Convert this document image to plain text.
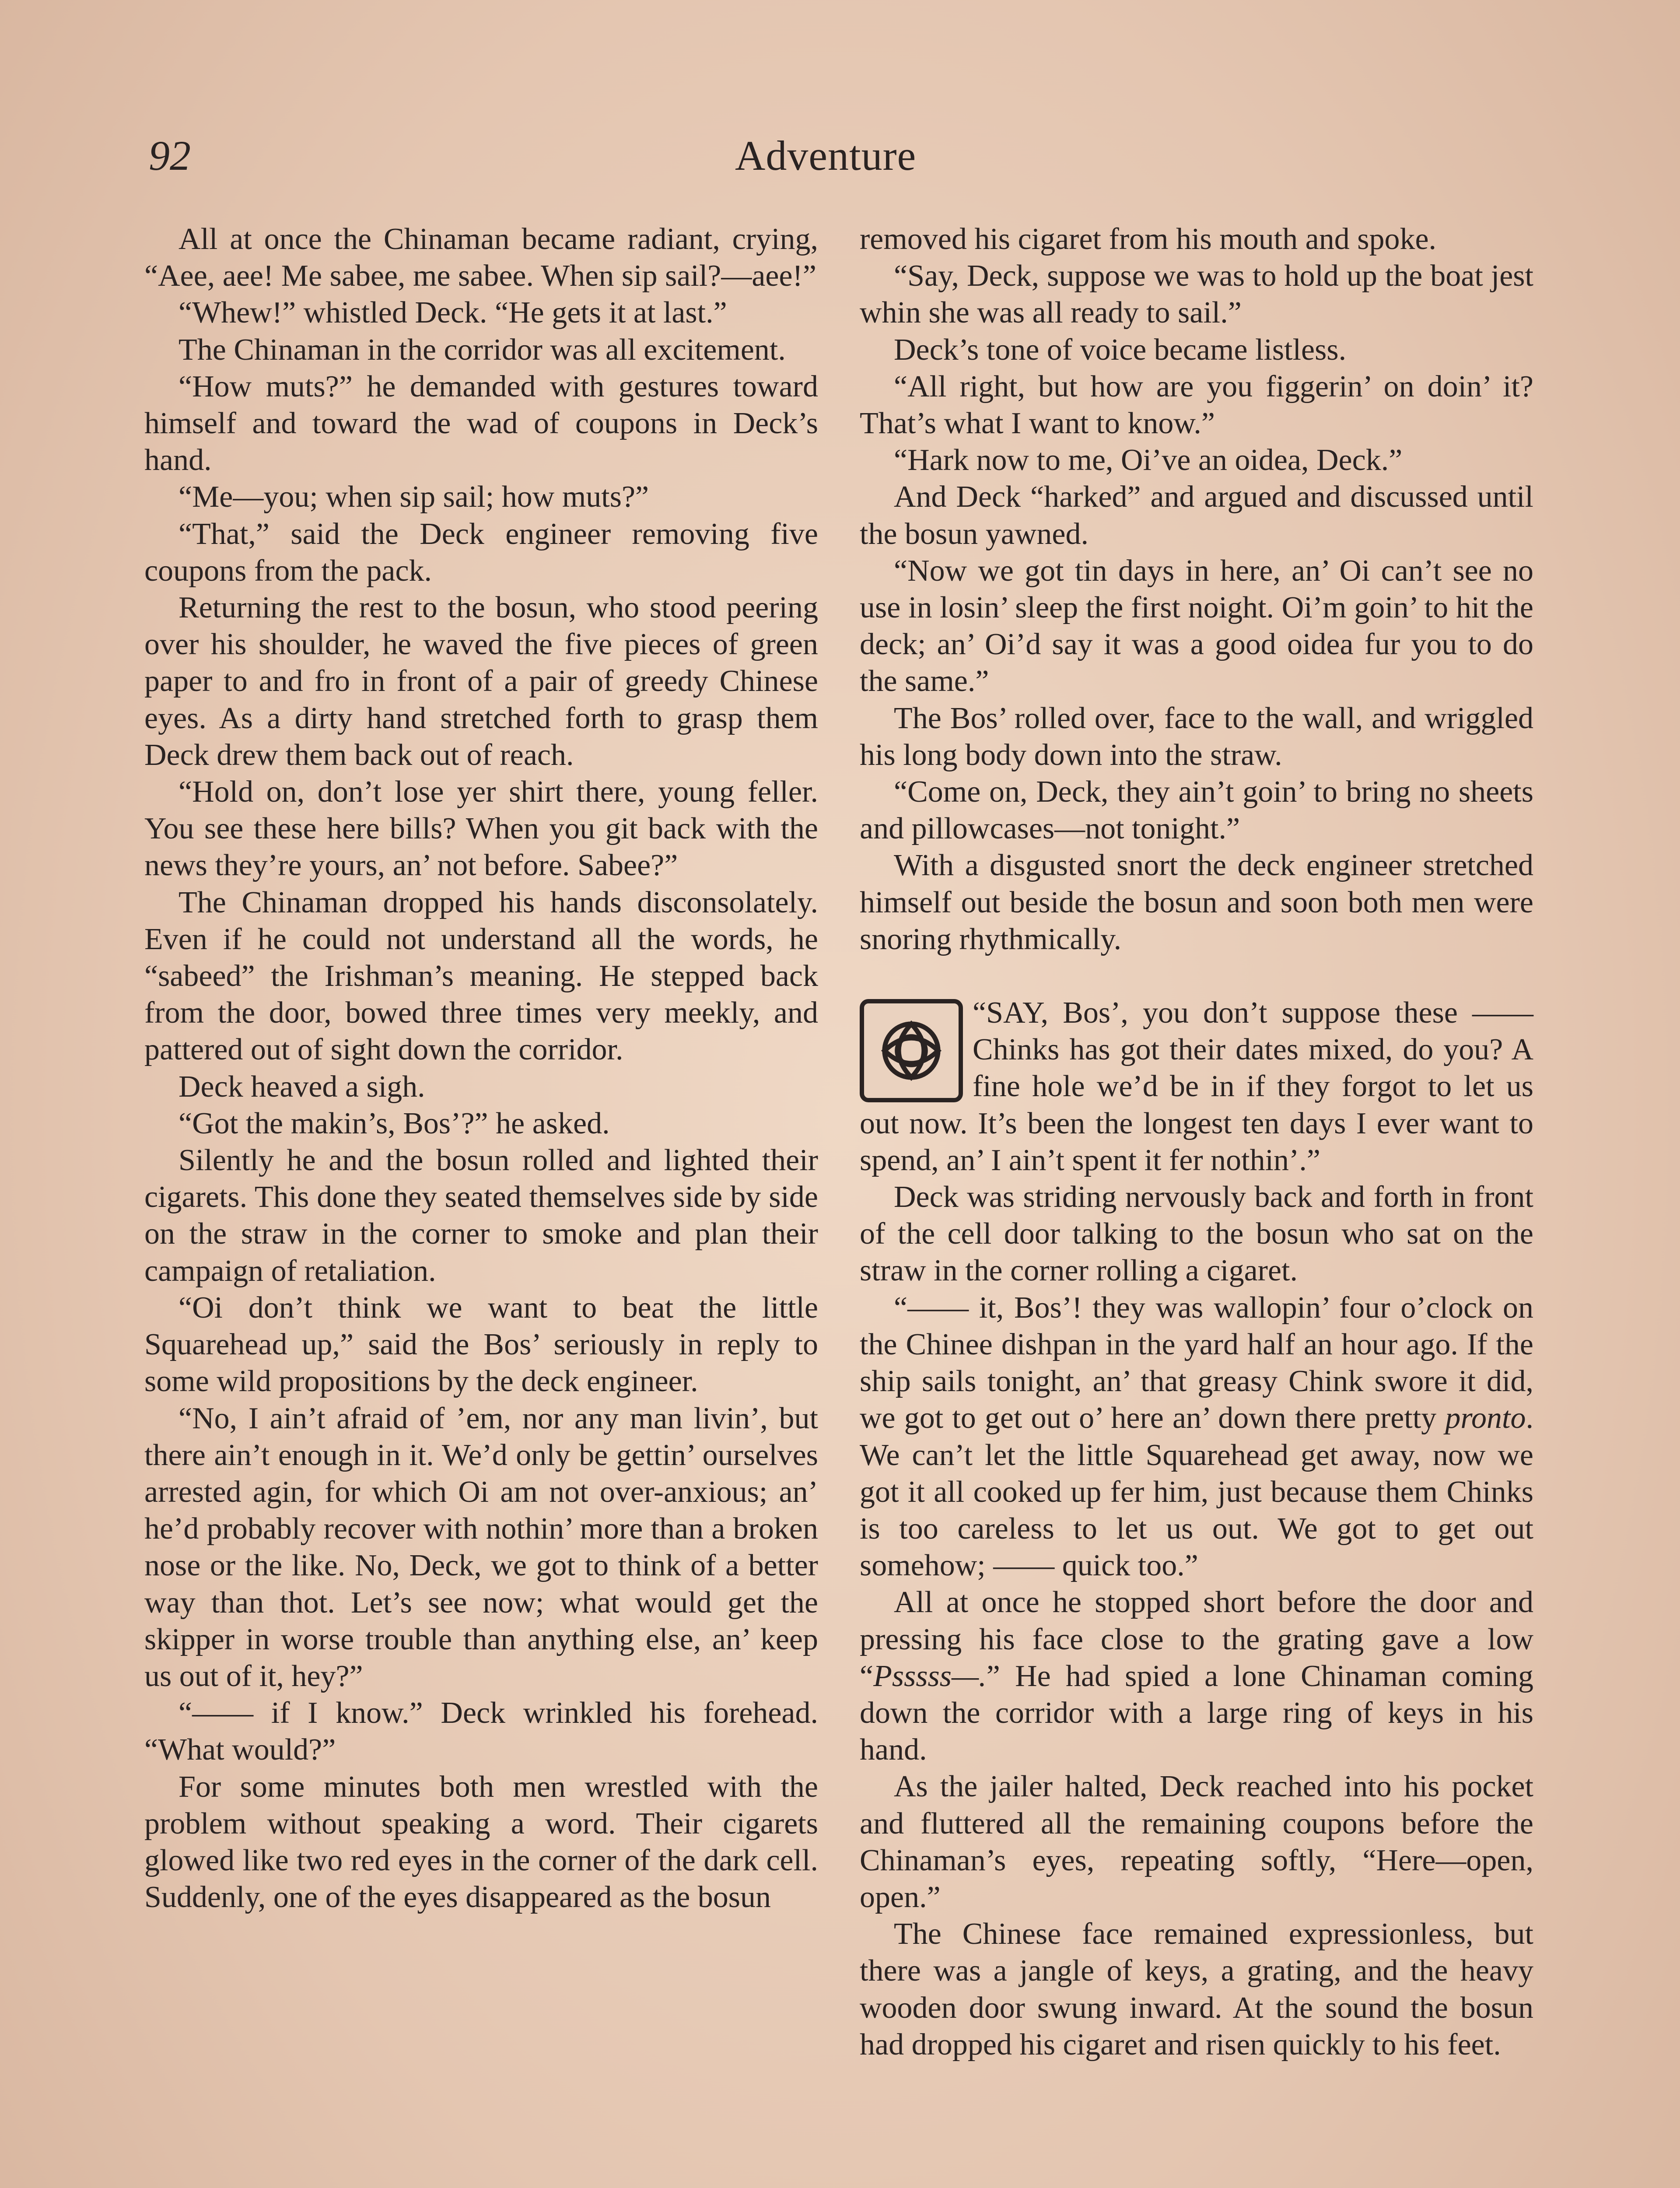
92	Adventure

All at once the Chinaman became radiant, crying, “Aee, aee! Me sabee, me sabee. When sip sail?—aee!”

“Whew!” whistled Deck. “He gets it at last.”

The Chinaman in the corridor was all excitement.

“How muts?” he demanded with gestures toward himself and toward the wad of coupons in Deck’s hand.

“Me—you; when sip sail; how muts?”

“That,” said the Deck engineer removing five coupons from the pack.

Returning the rest to the bosun, who stood peering over his shoulder, he waved the five pieces of green paper to and fro in front of a pair of greedy Chinese eyes. As a dirty hand stretched forth to grasp them Deck drew them back out of reach.

“Hold on, don’t lose yer shirt there, young feller. You see these here bills? When you git back with the news they’re yours, an’ not before. Sabee?”

The Chinaman dropped his hands disconsolately. Even if he could not understand all the words, he “sabeed” the Irishman’s meaning. He stepped back from the door, bowed three times very meekly, and pattered out of sight down the corridor.

Deck heaved a sigh.

“Got the makin’s, Bos’?” he asked.

Silently he and the bosun rolled and lighted their cigarets. This done they seated themselves side by side on the straw in the corner to smoke and plan their campaign of retaliation.

“Oi don’t think we want to beat the little Squarehead up,” said the Bos’ seriously in reply to some wild propositions by the deck engineer.

“No, I ain’t afraid of ’em, nor any man livin’, but there ain’t enough in it. We’d only be gettin’ ourselves arrested agin, for which Oi am not over-anxious; an’ he’d probably recover with nothin’ more than a broken nose or the like. No, Deck, we got to think of a better way than thot. Let’s see now; what would get the skipper in worse trouble than anything else, an’ keep us out of it, hey?”

“—— if I know.” Deck wrinkled his forehead. “What would?”

For some minutes both men wrestled with the problem without speaking a word. Their cigarets glowed like two red eyes in the corner of the dark cell. Suddenly, one of the eyes disappeared as the bosun

removed his cigaret from his mouth and spoke.

“Say, Deck, suppose we was to hold up the boat jest whin she was all ready to sail.”

Deck’s tone of voice became listless.

“All right, but how are you figgerin’ on doin’ it? That’s what I want to know.”

“Hark now to me, Oi’ve an oidea, Deck.”

And Deck “harked” and argued and discussed until the bosun yawned.

“Now we got tin days in here, an’ Oi can’t see no use in losin’ sleep the first noight. Oi’m goin’ to hit the deck; an’ Oi’d say it was a good oidea fur you to do the same.”

The Bos’ rolled over, face to the wall, and wriggled his long body down into the straw.

“Come on, Deck, they ain’t goin’ to bring no sheets and pillowcases—not tonight.”

With a disgusted snort the deck engineer stretched himself out beside the bosun and soon both men were snoring rhythmically.

“SAY, Bos’, you don’t suppose these —— Chinks has got their dates mixed, do you? A fine hole we’d be in if they forgot to let us out now. It’s been the longest ten days I ever want to spend, an’ I ain’t spent it fer nothin’.”

Deck was striding nervously back and forth in front of the cell door talking to the bosun who sat on the straw in the corner rolling a cigaret.

“—— it, Bos’! they was wallopin’ four o’clock on the Chinee dishpan in the yard half an hour ago. If the ship sails tonight, an’ that greasy Chink swore it did, we got to get out o’ here an’ down there pretty pronto. We can’t let the little Squarehead get away, now we got it all cooked up fer him, just because them Chinks is too careless to let us out. We got to get out somehow; —— quick too.”

All at once he stopped short before the door and pressing his face close to the grating gave a low “Psssss—.” He had spied a lone Chinaman coming down the corridor with a large ring of keys in his hand.

As the jailer halted, Deck reached into his pocket and fluttered all the remaining coupons before the Chinaman’s eyes, repeating softly, “Here—open, open.”

The Chinese face remained expressionless, but there was a jangle of keys, a grating, and the heavy wooden door swung inward. At the sound the bosun had dropped his cigaret and risen quickly to his feet.
